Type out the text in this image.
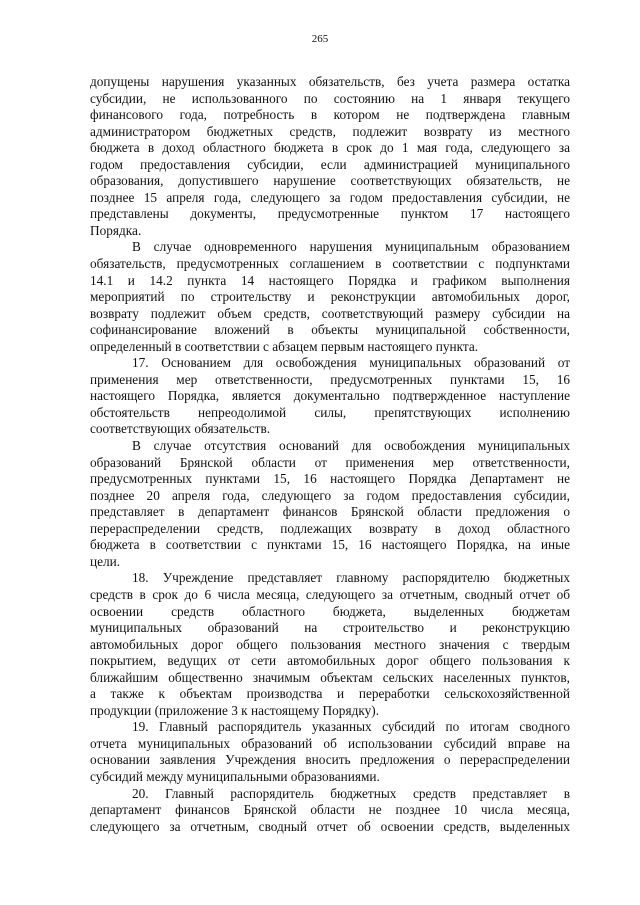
265

допущены нарушения указанных обязательств, без учета размера остатка

субсидии, не использованного по состоянию на 1 января текущего

финансового года, потребность в котором не подтверждена главным

администратором бюджетных средств, подлежит возврату из местного

бюджета в доход областного бюджета в срок до 1 мая года, следующего за

годом предоставления субсидии, если администрацией муниципального

образования, допустившего нарушение соответствующих обязательств, не

позднее 15 апреля года, следующего за годом предоставления субсидии, не

представлены документы, предусмотренные пунктом 17 настоящего

Порядка.

В случае одновременного нарушения муниципальным образованием

обязательств, предусмотренных соглашением в соответствии с подпунктами

14.1 и 14.2 пункта 14 настоящего Порядка и графиком выполнения

мероприятий по строительству и реконструкции автомобильных дорог,

возврату подлежит объем средств, соответствующий размеру субсидии на

софинансирование вложений в объекты муниципальной собственности,

определенный в соответствии с абзацем первым настоящего пункта.

17. Основанием для освобождения муниципальных образований от

применения мер ответственности, предусмотренных пунктами 15, 16

настоящего Порядка, является документально подтвержденное наступление

обстоятельств непреодолимой силы, препятствующих исполнению

соответствующих обязательств.

В случае отсутствия оснований для освобождения муниципальных

образований Брянской области от применения мер ответственности,

предусмотренных пунктами 15, 16 настоящего Порядка Департамент не

позднее 20 апреля года, следующего за годом предоставления субсидии,

представляет в департамент финансов Брянской области предложения о

перераспределении средств, подлежащих возврату в доход областного

бюджета в соответствии с пунктами 15, 16 настоящего Порядка, на иные

цели.

18. Учреждение представляет главному распорядителю бюджетных

средств в срок до 6 числа месяца, следующего за отчетным, сводный отчет об

освоении средств областного бюджета, выделенных бюджетам

муниципальных образований на строительство и реконструкцию

автомобильных дорог общего пользования местного значения с твердым

покрытием, ведущих от сети автомобильных дорог общего пользования к

ближайшим общественно значимым объектам сельских населенных пунктов,

а также к объектам производства и переработки сельскохозяйственной

продукции (приложение 3 к настоящему Порядку).

19. Главный распорядитель указанных субсидий по итогам сводного

отчета муниципальных образований об использовании субсидий вправе на

основании заявления Учреждения вносить предложения о перераспределении

субсидий между муниципальными образованиями.

20. Главный распорядитель бюджетных средств представляет в

департамент финансов Брянской области не позднее 10 числа месяца,

следующего за отчетным, сводный отчет об освоении средств, выделенных
